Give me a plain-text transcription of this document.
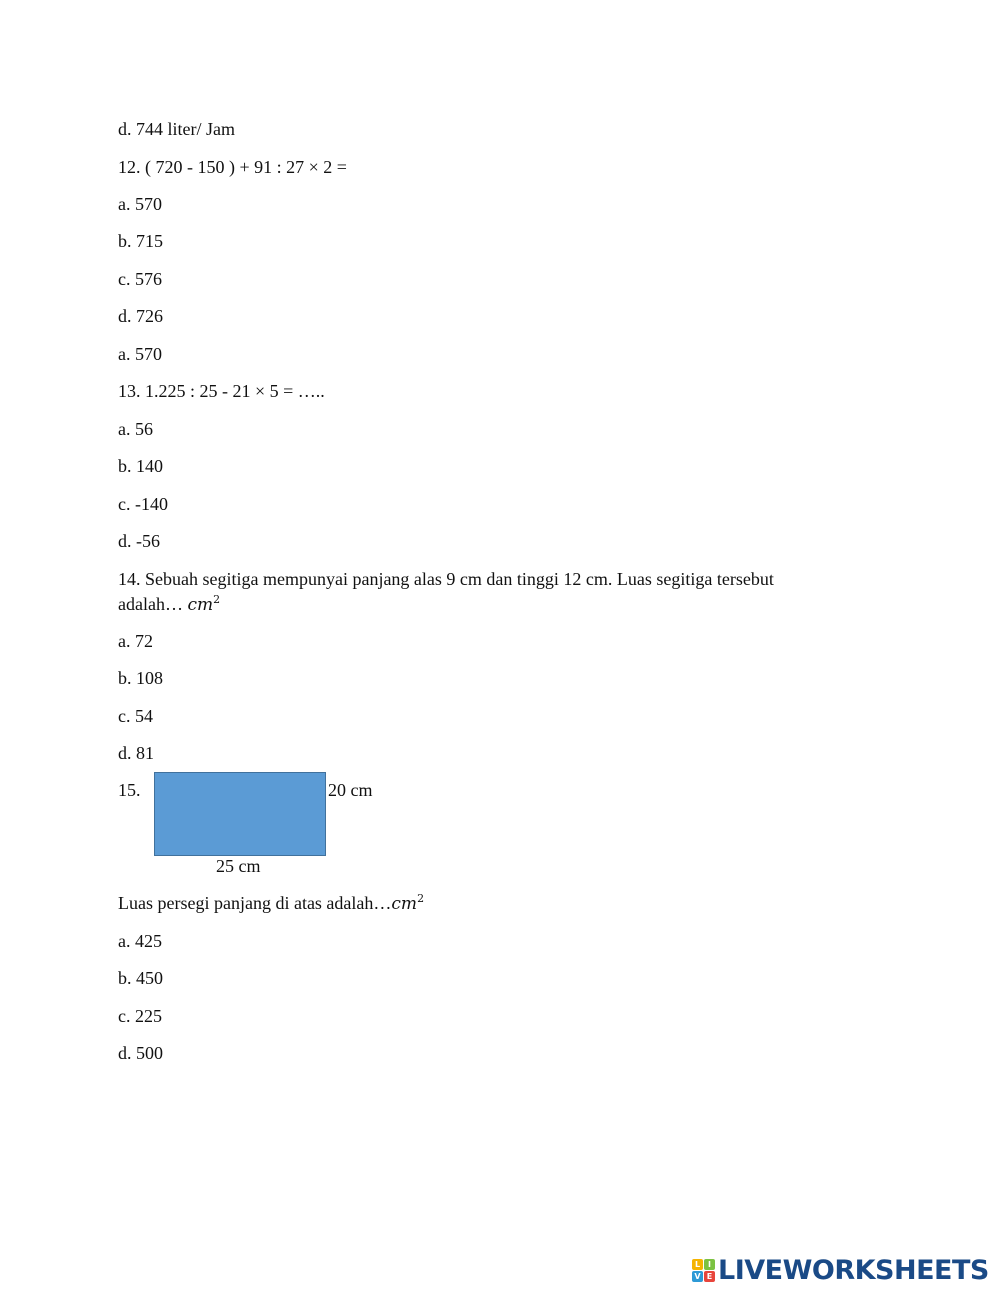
d. 744 liter/ Jam
12. ( 720 - 150 ) + 91 : 27 × 2 =
a. 570
b. 715
c. 576
d. 726
a. 570
13. 1.225 : 25 - 21 × 5 = …..
a. 56
b. 140
c. -140
d. -56
14. Sebuah segitiga mempunyai panjang alas 9 cm dan tinggi 12 cm. Luas segitiga tersebut
adalah… $cm^2$
a. 72
b. 108
c. 54
d. 81
15.	20 cm
25 cm
Luas persegi panjang di atas $adalah\dots cm^2$
a. 425
b. 450
c. 225
d. 500
L I
V E LIVEWORKSHEETS
